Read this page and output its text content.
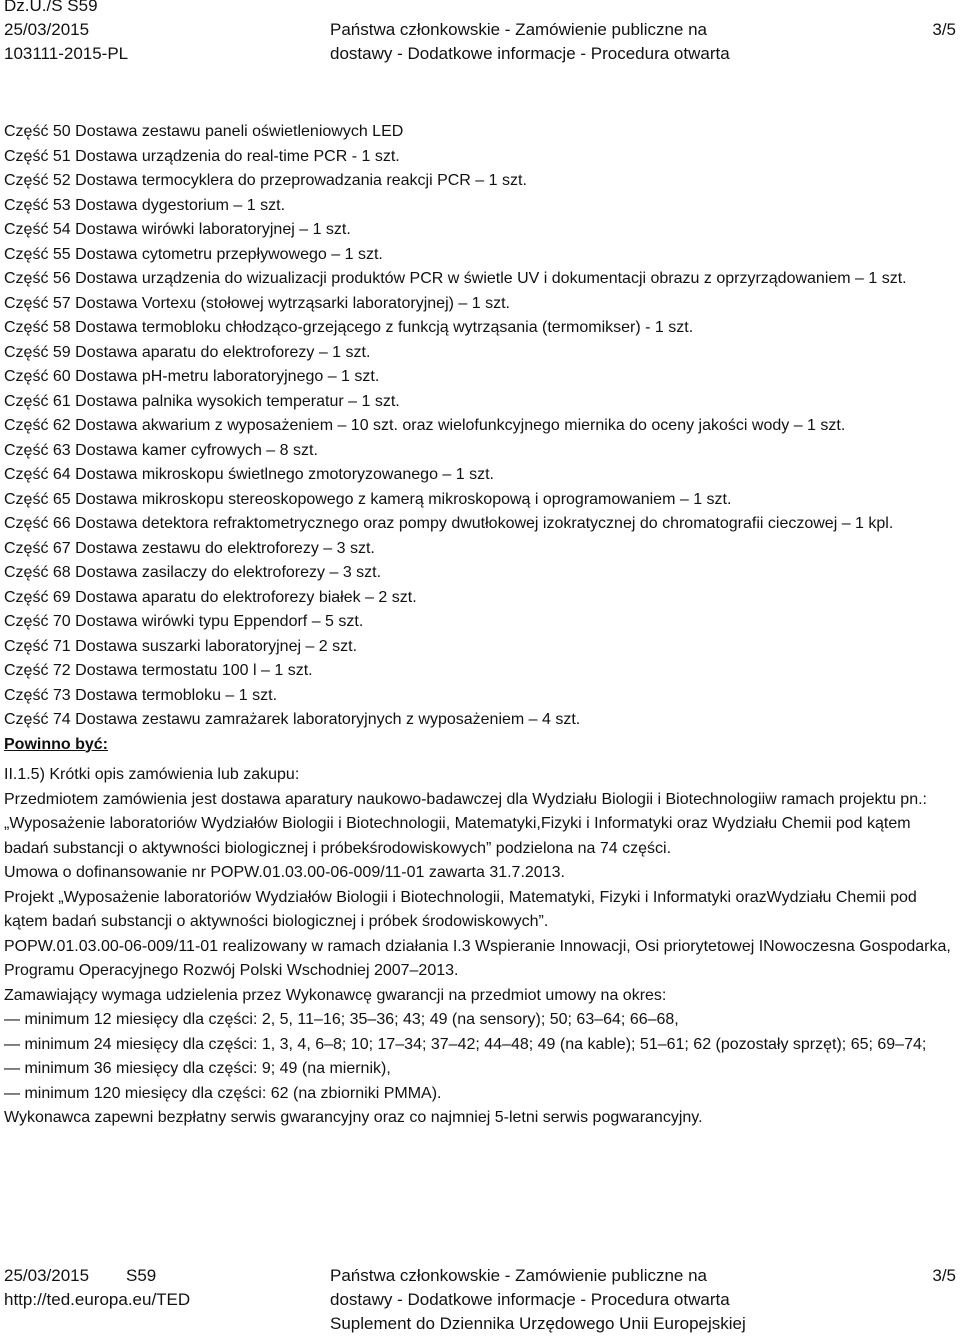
Dz.U./S S59
25/03/2015
103111-2015-PL
Państwa członkowskie - Zamówienie publiczne na
dostawy - Dodatkowe informacje - Procedura otwarta
3/5

Część 50 Dostawa zestawu paneli oświetleniowych LED

Część 51 Dostawa urządzenia do real-time PCR - 1 szt.

Część 52 Dostawa termocyklera do przeprowadzania reakcji PCR – 1 szt.

Część 53 Dostawa dygestorium – 1 szt.

Część 54 Dostawa wirówki laboratoryjnej – 1 szt.

Część 55 Dostawa cytometru przepływowego – 1 szt.

Część 56 Dostawa urządzenia do wizualizacji produktów PCR w świetle UV i dokumentacji obrazu z oprzyrządowaniem – 1 szt.

Część 57 Dostawa Vortexu (stołowej wytrząsarki laboratoryjnej) – 1 szt.

Część 58 Dostawa termobloku chłodząco-grzejącego z funkcją wytrząsania (termomikser) - 1 szt.

Część 59 Dostawa aparatu do elektroforezy – 1 szt.

Część 60 Dostawa pH-metru laboratoryjnego – 1 szt.

Część 61 Dostawa palnika wysokich temperatur – 1 szt.

Część 62 Dostawa akwarium z wyposażeniem – 10 szt. oraz wielofunkcyjnego miernika do oceny jakości wody – 1 szt.

Część 63 Dostawa kamer cyfrowych – 8 szt.

Część 64 Dostawa mikroskopu świetlnego zmotoryzowanego – 1 szt.

Część 65 Dostawa mikroskopu stereoskopowego z kamerą mikroskopową i oprogramowaniem – 1 szt.

Część 66 Dostawa detektora refraktometrycznego oraz pompy dwutłokowej izokratycznej do chromatografii cieczowej – 1 kpl.

Część 67 Dostawa zestawu do elektroforezy – 3 szt.

Część 68 Dostawa zasilaczy do elektroforezy – 3 szt.

Część 69 Dostawa aparatu do elektroforezy białek – 2 szt.

Część 70 Dostawa wirówki typu Eppendorf – 5 szt.

Część 71 Dostawa suszarki laboratoryjnej – 2 szt.

Część 72 Dostawa termostatu 100 l – 1 szt.

Część 73 Dostawa termobloku – 1 szt.

Część 74 Dostawa zestawu zamrażarek laboratoryjnych z wyposażeniem – 4 szt.

Powinno być:

II.1.5) Krótki opis zamówienia lub zakupu:

Przedmiotem zamówienia jest dostawa aparatury naukowo-badawczej dla Wydziału Biologii i Biotechnologiiw ramach projektu pn.: „Wyposażenie laboratoriów Wydziałów Biologii i Biotechnologii, Matematyki,Fizyki i Informatyki oraz Wydziału Chemii pod kątem badań substancji o aktywności biologicznej i próbekśrodowiskowych” podzielona na 74 części.

Umowa o dofinansowanie nr POPW.01.03.00-06-009/11-01 zawarta 31.7.2013.

Projekt „Wyposażenie laboratoriów Wydziałów Biologii i Biotechnologii, Matematyki, Fizyki i Informatyki orazWydziału Chemii pod kątem badań substancji o aktywności biologicznej i próbek środowiskowych”.

POPW.01.03.00-06-009/11-01 realizowany w ramach działania I.3 Wspieranie Innowacji, Osi priorytetowej INowoczesna Gospodarka, Programu Operacyjnego Rozwój Polski Wschodniej 2007–2013.

Zamawiający wymaga udzielenia przez Wykonawcę gwarancji na przedmiot umowy na okres:

— minimum 12 miesięcy dla części: 2, 5, 11–16; 35–36; 43; 49 (na sensory); 50; 63–64; 66–68,

— minimum 24 miesięcy dla części: 1, 3, 4, 6–8; 10; 17–34; 37–42; 44–48; 49 (na kable); 51–61; 62 (pozostały sprzęt); 65; 69–74;

— minimum 36 miesięcy dla części: 9; 49 (na miernik),

— minimum 120 miesięcy dla części: 62 (na zbiorniki PMMA).

Wykonawca zapewni bezpłatny serwis gwarancyjny oraz co najmniej 5-letni serwis pogwarancyjny.

25/03/2015 S59
http://ted.europa.eu/TED
Państwa członkowskie - Zamówienie publiczne na
dostawy - Dodatkowe informacje - Procedura otwarta
Suplement do Dziennika Urzędowego Unii Europejskiej
3/5
